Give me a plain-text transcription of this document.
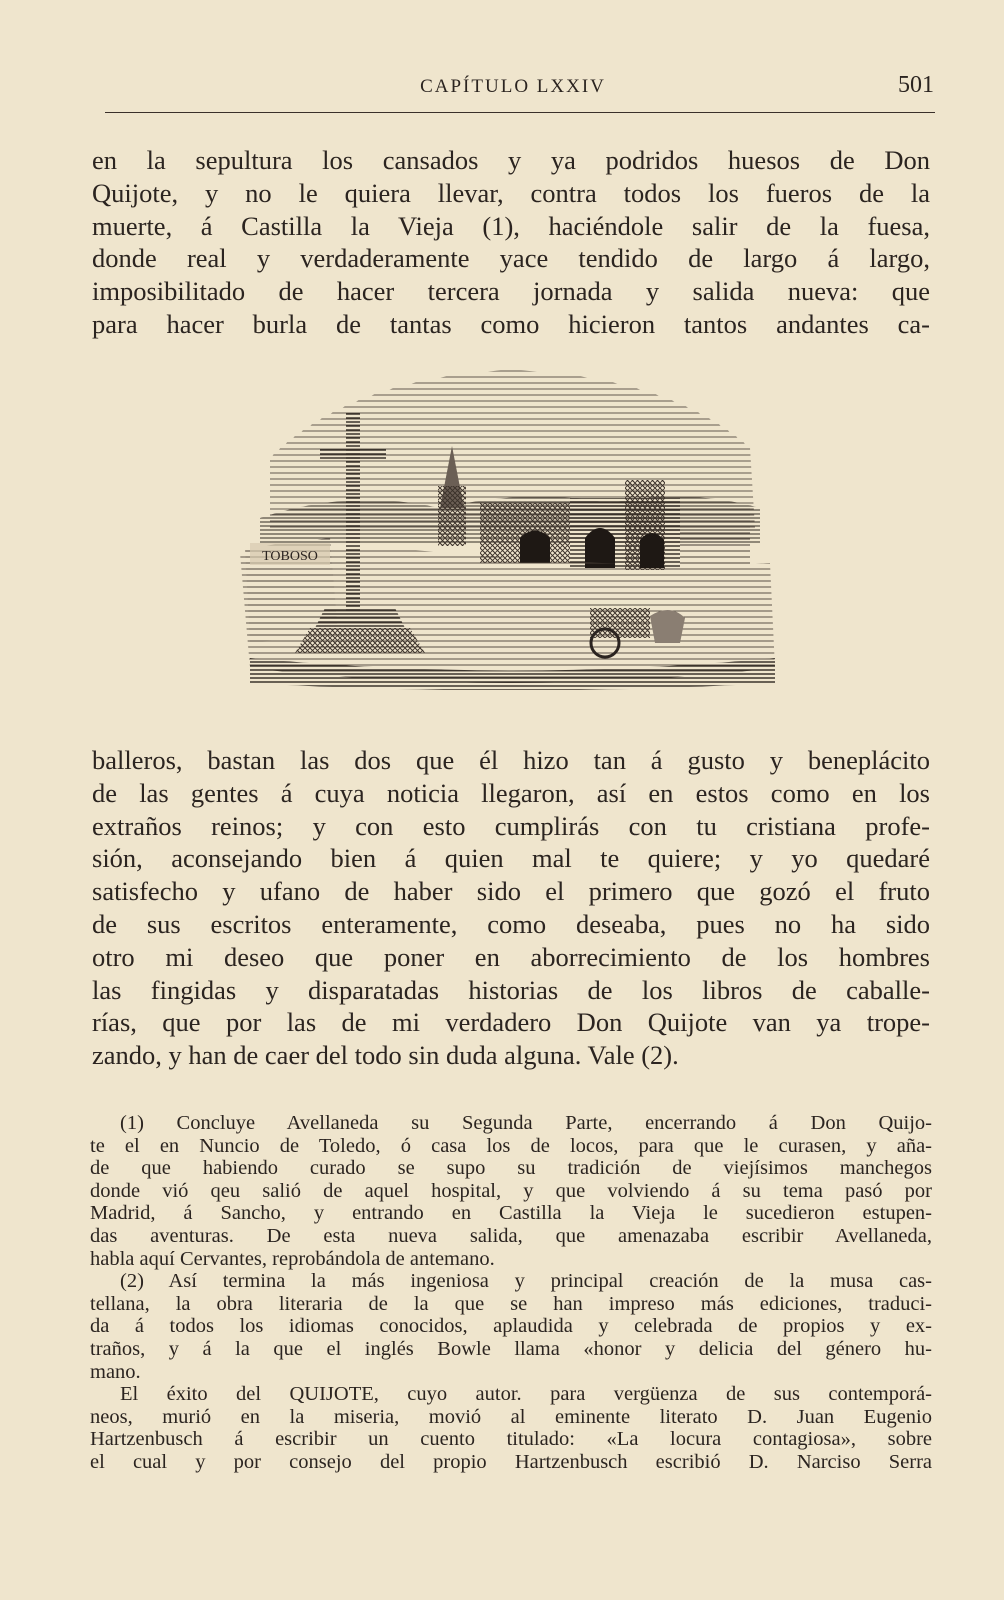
CAPÍTULO LXXIV	501
en la sepultura los cansados y ya podridos huesos de Don
Quijote, y no le quiera llevar, contra todos los fueros de la
muerte, á Castilla la Vieja (1), haciéndole salir de la fuesa,
donde real y verdaderamente yace tendido de largo á largo,
imposibilitado de hacer tercera jornada y salida nueva: que
para hacer burla de tantas como hicieron tantos andantes ca-
TOBOSO
balleros, bastan las dos que él hizo tan á gusto y beneplácito
de las gentes á cuya noticia llegaron, así en estos como en los
extraños reinos; y con esto cumplirás con tu cristiana profe-
sión, aconsejando bien á quien mal te quiere; y yo quedaré
satisfecho y ufano de haber sido el primero que gozó el fruto
de sus escritos enteramente, como deseaba, pues no ha sido
otro mi deseo que poner en aborrecimiento de los hombres
las fingidas y disparatadas historias de los libros de caballe-
rías, que por las de mi verdadero Don Quijote van ya trope-
zando, y han de caer del todo sin duda alguna. Vale (2).
(1) Concluye Avellaneda su Segunda Parte, encerrando á Don Quijo-
te el en Nuncio de Toledo, ó casa los de locos, para que le curasen, y aña-
de que habiendo curado se supo su tradición de viejísimos manchegos
donde vió qeu salió de aquel hospital, y que volviendo á su tema pasó por
Madrid, á Sancho, y entrando en Castilla la Vieja le sucedieron estupen-
das aventuras. De esta nueva salida, que amenazaba escribir Avellaneda,
habla aquí Cervantes, reprobándola de antemano.
(2) Así termina la más ingeniosa y principal creación de la musa cas-
tellana, la obra literaria de la que se han impreso más ediciones, traduci-
da á todos los idiomas conocidos, aplaudida y celebrada de propios y ex-
traños, y á la que el inglés Bowle llama «honor y delicia del género hu-
mano.
El éxito del QUIJOTE, cuyo autor. para vergüenza de sus contemporá-
neos, murió en la miseria, movió al eminente literato D. Juan Eugenio
Hartzenbusch á escribir un cuento titulado: «La locura contagiosa», sobre
el cual y por consejo del propio Hartzenbusch escribió D. Narciso Serra
